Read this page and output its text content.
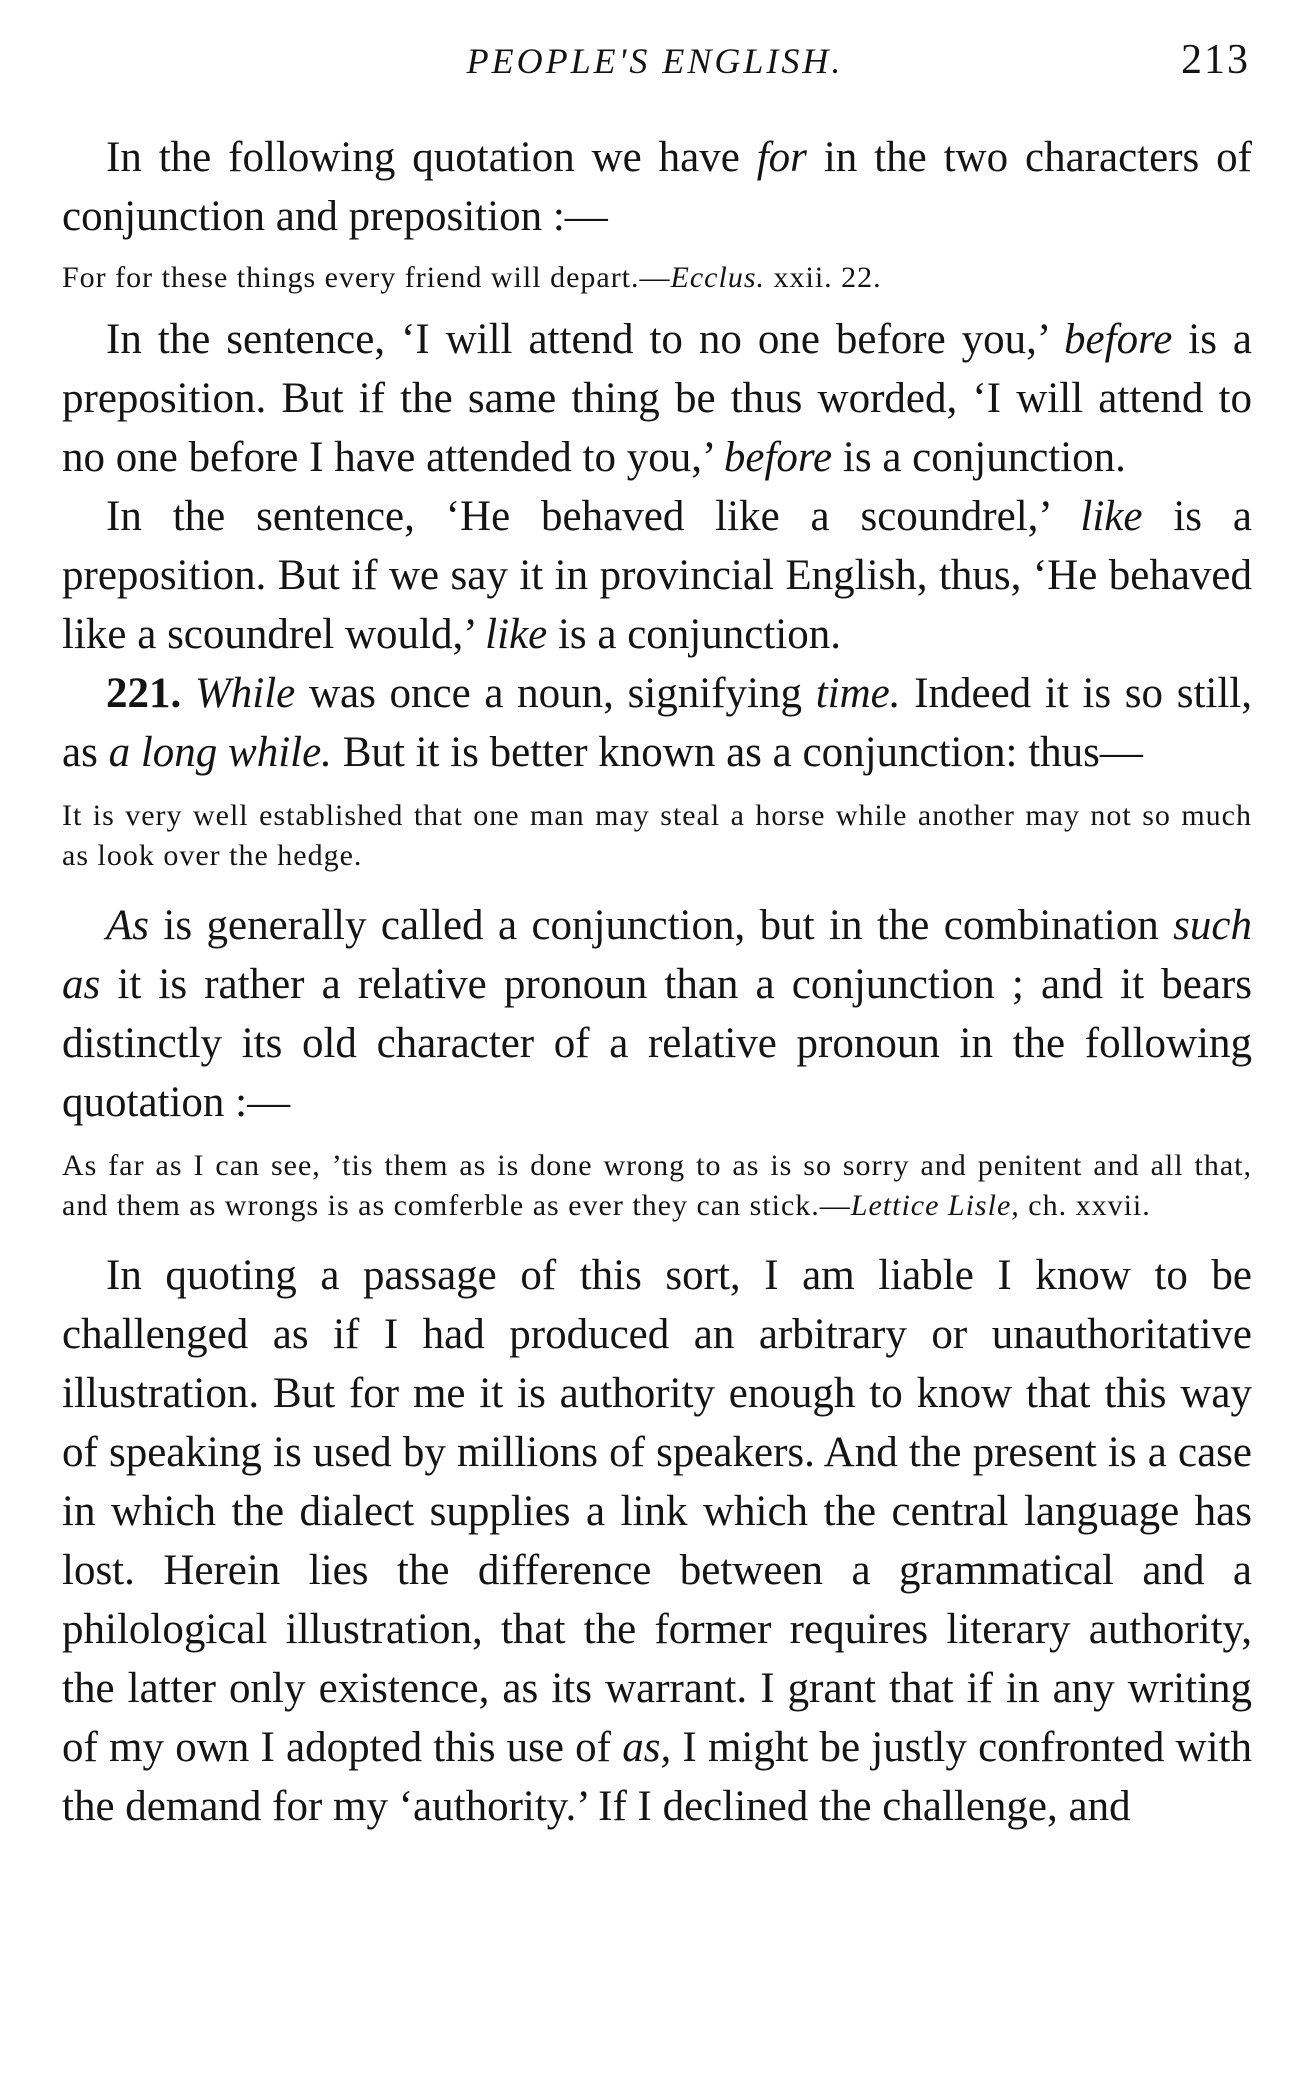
PEOPLE'S ENGLISH.	213

In the following quotation we have for in the two characters of conjunction and preposition :—

For for these things every friend will depart.—Ecclus. xxii. 22.

In the sentence, ‘I will attend to no one before you,’ before is a preposition. But if the same thing be thus worded, ‘I will attend to no one before I have attended to you,’ before is a conjunction.

In the sentence, ‘He behaved like a scoundrel,’ like is a preposition. But if we say it in provincial English, thus, ‘He behaved like a scoundrel would,’ like is a conjunction.

221. While was once a noun, signifying time. Indeed it is so still, as a long while. But it is better known as a conjunction: thus—

It is very well established that one man may steal a horse while another may not so much as look over the hedge.

As is generally called a conjunction, but in the combination such as it is rather a relative pronoun than a conjunction ; and it bears distinctly its old character of a relative pronoun in the following quotation :—

As far as I can see, ’tis them as is done wrong to as is so sorry and penitent and all that, and them as wrongs is as comferble as ever they can stick.—Lettice Lisle, ch. xxvii.

In quoting a passage of this sort, I am liable I know to be challenged as if I had produced an arbitrary or unauthoritative illustration. But for me it is authority enough to know that this way of speaking is used by millions of speakers. And the present is a case in which the dialect supplies a link which the central language has lost. Herein lies the difference between a grammatical and a philological illustration, that the former requires literary authority, the latter only existence, as its warrant. I grant that if in any writing of my own I adopted this use of as, I might be justly confronted with the demand for my ‘authority.’ If I declined the challenge, and
